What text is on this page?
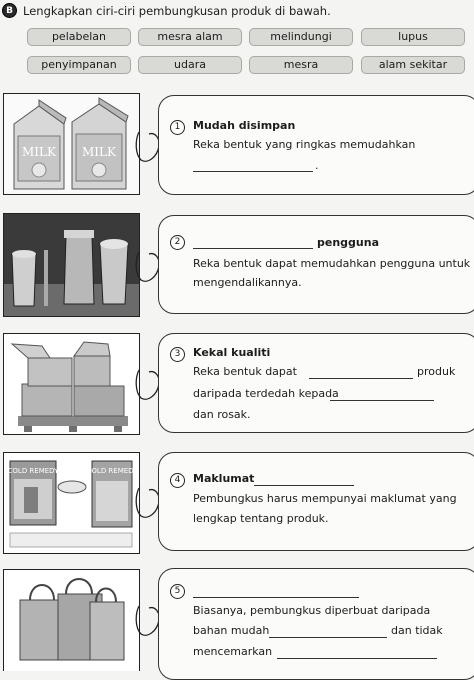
B Lengkapkan ciri-ciri pembungkusan produk di bawah.
pelabelan	mesra alam	melindungi	lupus
penyimpanan	udara	mesra	alam sekitar
MILK MILK
1	Mudah disimpan
Reka bentuk yang ringkas memudahkan
.
2	pengguna
Reka bentuk dapat memudahkan pengguna untuk
mengendalikannya.
3	Kekal kualiti
Reka bentuk dapat	produk
daripada terdedah kepada
dan rosak.
COLD REMEDY	COLD REMEDY
4	Maklumat
Pembungkus harus mempunyai maklumat yang
lengkap tentang produk.
5
Biasanya, pembungkus diperbuat daripada
bahan mudah	dan tidak
mencemarkan
